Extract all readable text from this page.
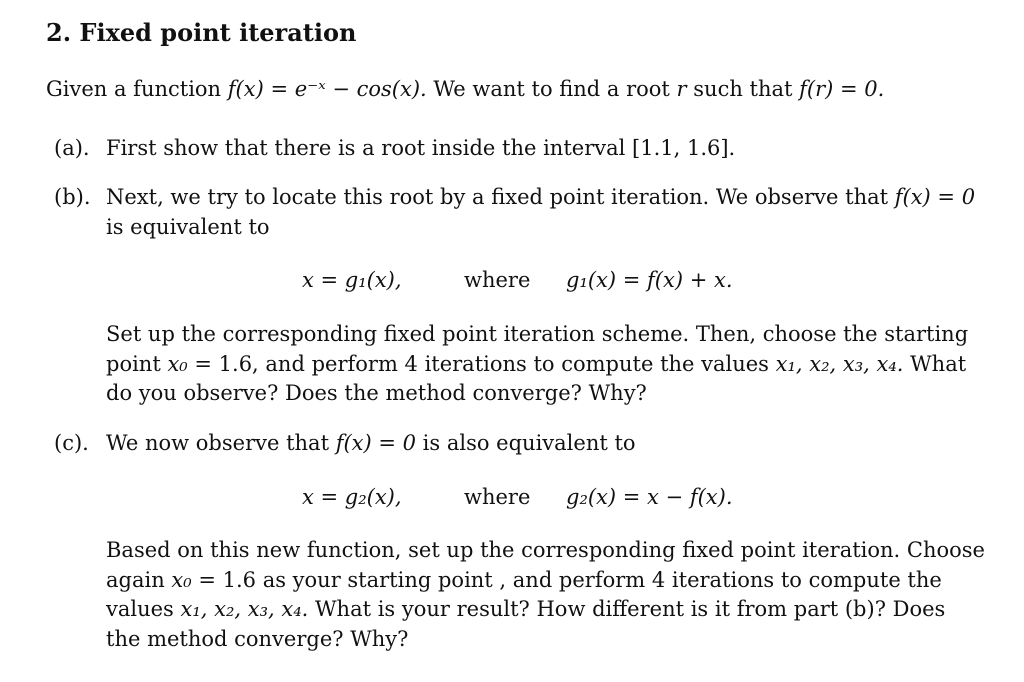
2. Fixed point iteration
Given a function f(x) = e⁻ˣ − cos(x). We want to find a root r such that f(r) = 0.
(a). First show that there is a root inside the interval [1.1, 1.6].
(b). Next, we try to locate this root by a fixed point iteration. We observe that f(x) = 0
is equivalent to
x = g₁(x),	where g₁(x) = f(x) + x.
Set up the corresponding fixed point iteration scheme. Then, choose the starting
point x₀ = 1.6, and perform 4 iterations to compute the values x₁, x₂, x₃, x₄. What
do you observe? Does the method converge? Why?
(c). We now observe that f(x) = 0 is also equivalent to
x = g₂(x),	where g₂(x) = x − f(x).
Based on this new function, set up the corresponding fixed point iteration. Choose
again x₀ = 1.6 as your starting point , and perform 4 iterations to compute the
values x₁, x₂, x₃, x₄. What is your result? How different is it from part (b)? Does
the method converge? Why?
